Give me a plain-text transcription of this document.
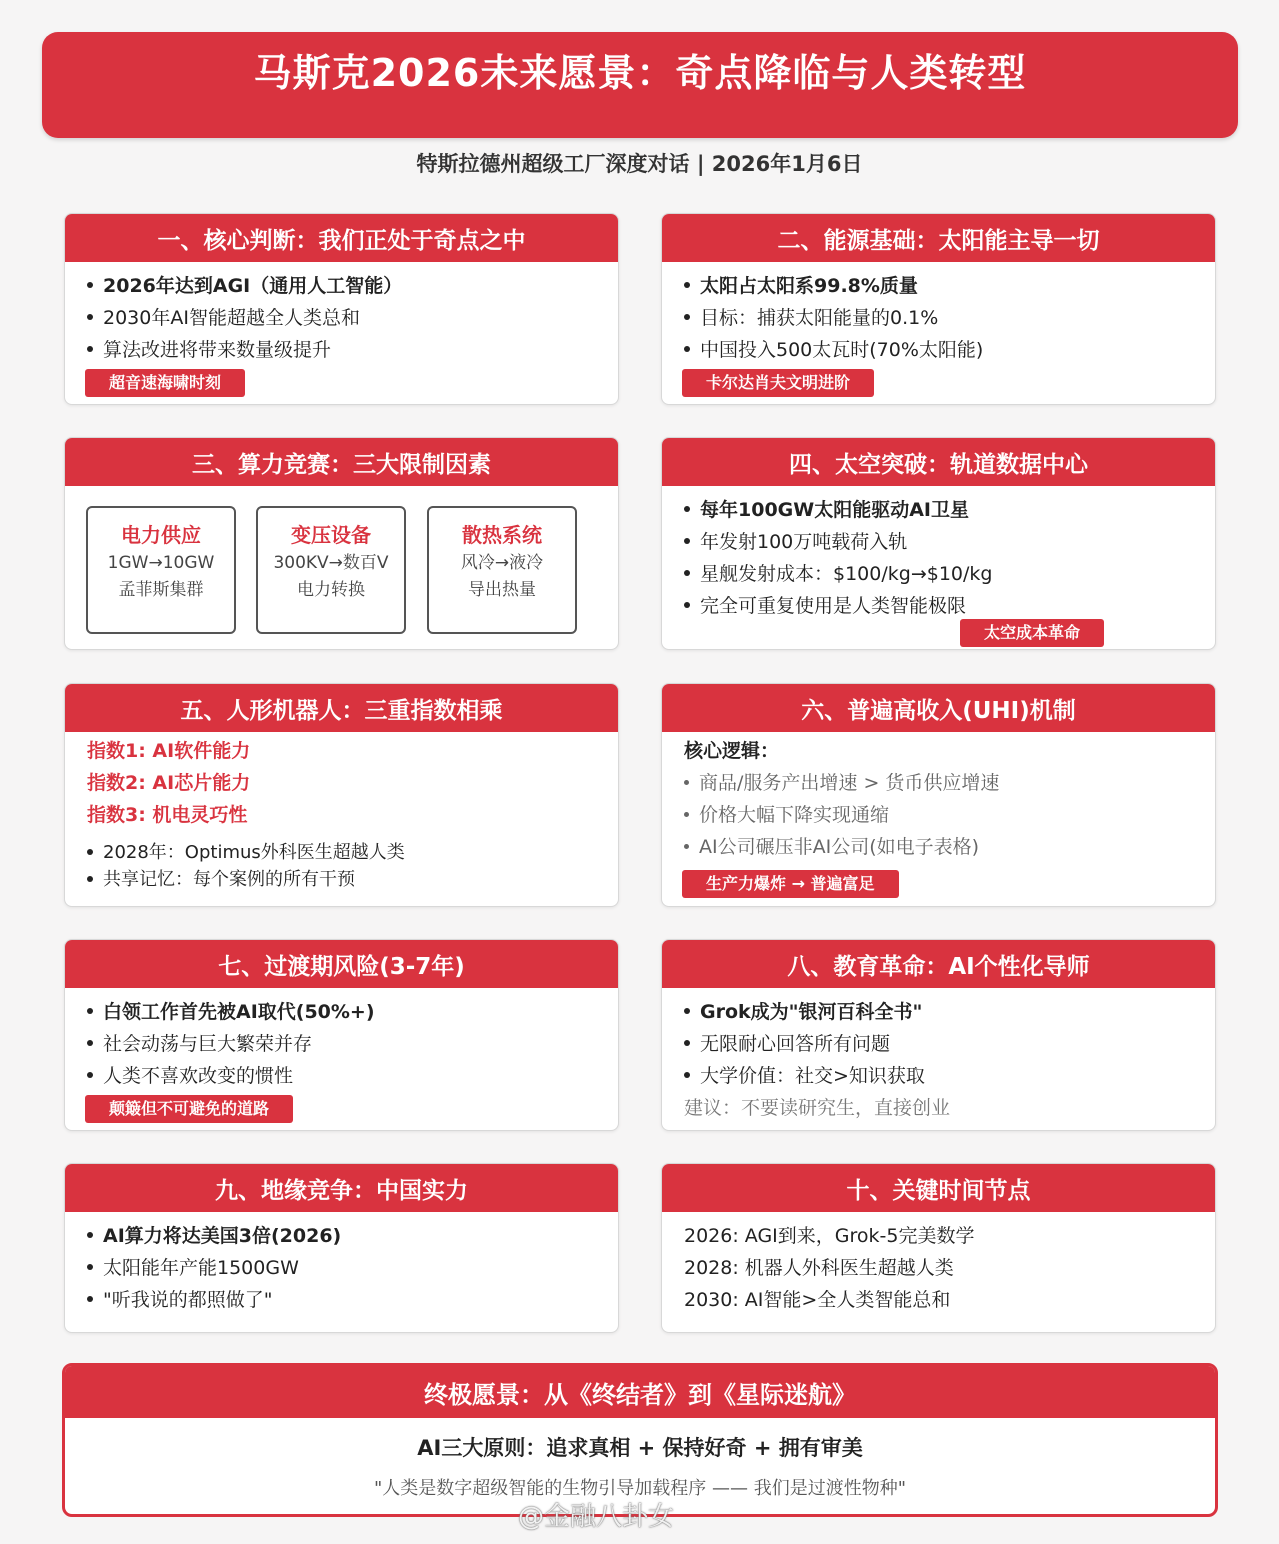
马斯克2026未来愿景：奇点降临与人类转型
特斯拉德州超级工厂深度对话 | 2026年1月6日
一、核心判断：我们正处于奇点之中
2026年达到AGI（通用人工智能）
2030年AI智能超越全人类总和
算法改进将带来数量级提升
超音速海啸时刻
二、能源基础：太阳能主导一切
太阳占太阳系99.8%质量
目标：捕获太阳能量的0.1%
中国投入500太瓦时(70%太阳能)
卡尔达肖夫文明进阶
三、算力竞赛：三大限制因素
电力供应
1GW→10GW
孟菲斯集群
变压设备
300KV→数百V
电力转换
散热系统
风冷→液冷
导出热量
四、太空突破：轨道数据中心
每年100GW太阳能驱动AI卫星
年发射100万吨载荷入轨
星舰发射成本：$100/kg→$10/kg
完全可重复使用是人类智能极限
太空成本革命
五、人形机器人：三重指数相乘
指数1: AI软件能力
指数2: AI芯片能力
指数3: 机电灵巧性
2028年：Optimus外科医生超越人类
共享记忆：每个案例的所有干预
六、普遍高收入(UHI)机制
核心逻辑：
商品/服务产出增速 > 货币供应增速
价格大幅下降实现通缩
AI公司碾压非AI公司(如电子表格)
生产力爆炸 → 普遍富足
七、过渡期风险(3-7年)
白领工作首先被AI取代(50%+)
社会动荡与巨大繁荣并存
人类不喜欢改变的惯性
颠簸但不可避免的道路
八、教育革命：AI个性化导师
Grok成为"银河百科全书"
无限耐心回答所有问题
大学价值：社交>知识获取
建议：不要读研究生，直接创业
九、地缘竞争：中国实力
AI算力将达美国3倍(2026)
太阳能年产能1500GW
"听我说的都照做了"
十、关键时间节点
2026: AGI到来，Grok-5完美数学
2028: 机器人外科医生超越人类
2030: AI智能>全人类智能总和
终极愿景：从《终结者》到《星际迷航》
AI三大原则：追求真相 + 保持好奇 + 拥有审美
"人类是数字超级智能的生物引导加载程序 —— 我们是过渡性物种"
@金融八卦女
